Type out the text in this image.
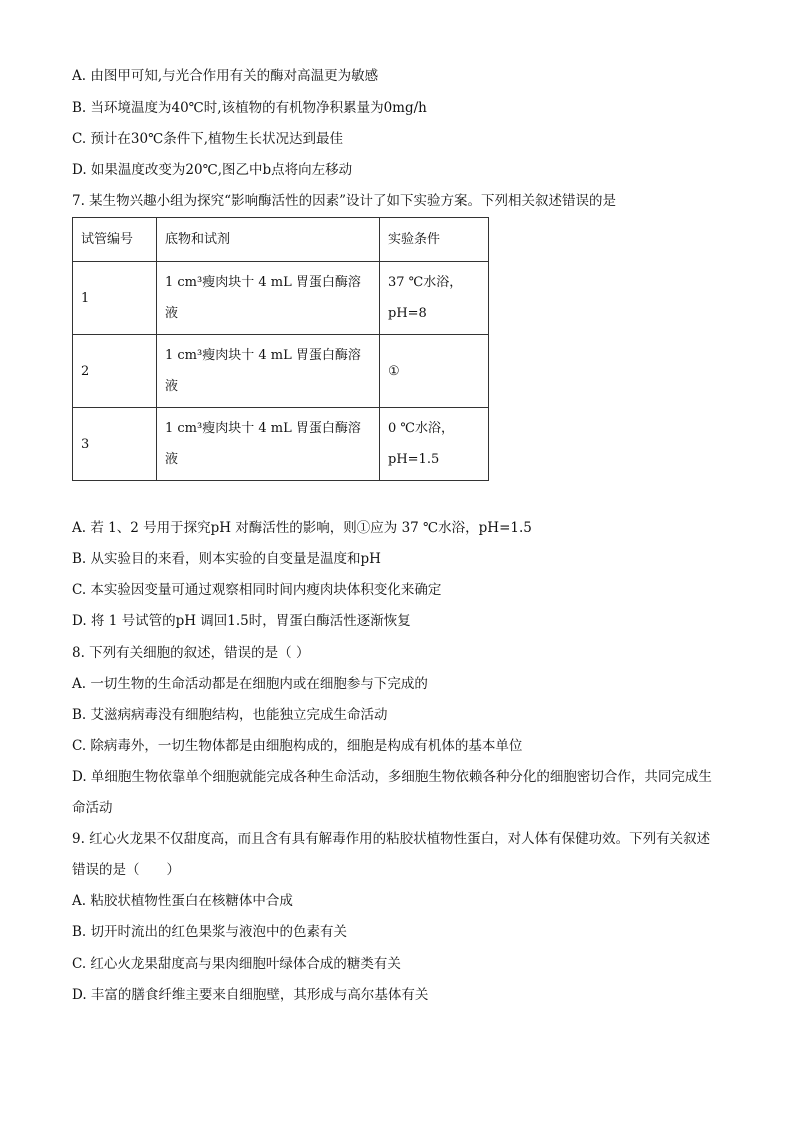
A. 由图甲可知,与光合作用有关的酶对高温更为敏感
B. 当环境温度为40℃时,该植物的有机物净积累量为0mg/h
C. 预计在30℃条件下,植物生长状况达到最佳
D. 如果温度改变为20℃,图乙中b点将向左移动
7. 某生物兴趣小组为探究“影响酶活性的因素”设计了如下实验方案。下列相关叙述错误的是
试管编号	底物和试剂	实验条件
1	1 cm³瘦肉块十 4 mL 胃蛋白酶溶液	37 ℃水浴，pH=8
2	1 cm³瘦肉块十 4 mL 胃蛋白酶溶液	①
3	1 cm³瘦肉块十 4 mL 胃蛋白酶溶液	0 ℃水浴，pH=1.5
A. 若 1、2 号用于探究pH 对酶活性的影响，则①应为 37 ℃水浴，pH=1.5
B. 从实验目的来看，则本实验的自变量是温度和pH
C. 本实验因变量可通过观察相同时间内瘦肉块体积变化来确定
D. 将 1 号试管的pH 调回1.5时，胃蛋白酶活性逐渐恢复
8. 下列有关细胞的叙述，错误的是（ ）
A. 一切生物的生命活动都是在细胞内或在细胞参与下完成的
B. 艾滋病病毒没有细胞结构，也能独立完成生命活动
C. 除病毒外，一切生物体都是由细胞构成的，细胞是构成有机体的基本单位
D. 单细胞生物依靠单个细胞就能完成各种生命活动，多细胞生物依赖各种分化的细胞密切合作，共同完成生命活动
9. 红心火龙果不仅甜度高，而且含有具有解毒作用的粘胶状植物性蛋白，对人体有保健功效。下列有关叙述错误的是（　　）
A. 粘胶状植物性蛋白在核糖体中合成
B. 切开时流出的红色果浆与液泡中的色素有关
C. 红心火龙果甜度高与果肉细胞叶绿体合成的糖类有关
D. 丰富的膳食纤维主要来自细胞壁，其形成与高尔基体有关
